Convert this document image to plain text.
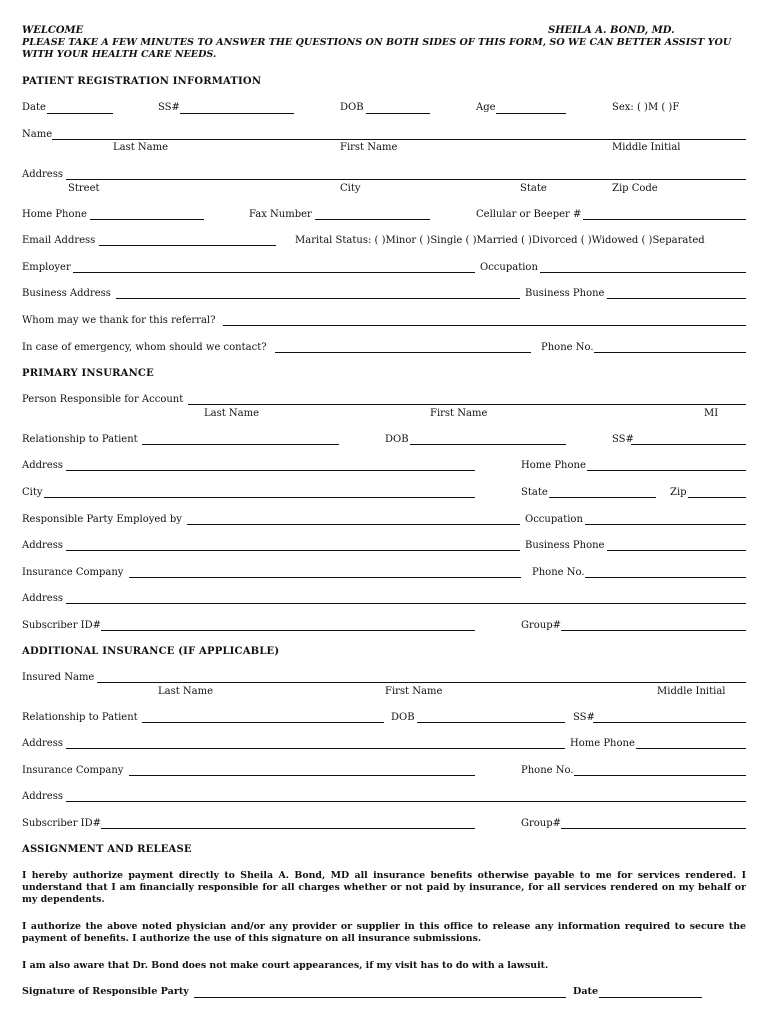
WELCOME	SHEILA A. BOND, MD.
PLEASE TAKE A FEW MINUTES TO ANSWER THE QUESTIONS ON BOTH SIDES OF THIS FORM, SO WE CAN BETTER ASSIST YOU
WITH YOUR HEALTH CARE NEEDS.
PATIENT REGISTRATION INFORMATION
Date	SS#	DOB	Age	Sex: ( )M ( )F
Name
Last Name	First Name	Middle Initial
Address
Street	City	State	Zip Code
Home Phone	Fax Number	Cellular or Beeper #
Email Address	Marital Status: ( )Minor ( )Single ( )Married ( )Divorced ( )Widowed ( )Separated
Employer	Occupation
Business Address	Business Phone
Whom may we thank for this referral?
In case of emergency, whom should we contact?	Phone No.
PRIMARY INSURANCE
Person Responsible for Account
Last Name	First Name	MI
Relationship to Patient	DOB	SS#
Address	Home Phone
City	State	Zip
Responsible Party Employed by	Occupation
Address	Business Phone
Insurance Company	Phone No.
Address
Subscriber ID#	Group#
ADDITIONAL INSURANCE (IF APPLICABLE)
Insured Name
Last Name	First Name	Middle Initial
Relationship to Patient	DOB	SS#
Address	Home Phone
Insurance Company	Phone No.
Address
Subscriber ID#	Group#
ASSIGNMENT AND RELEASE
I hereby authorize payment directly to Sheila A. Bond, MD all insurance benefits otherwise payable to me for services rendered. I understand that I am financially responsible for all charges whether or not paid by insurance, for all services rendered on my behalf or my dependents.
I authorize the above noted physician and/or any provider or supplier in this office to release any information required to secure the payment of benefits. I authorize the use of this signature on all insurance submissions.
I am also aware that Dr. Bond does not make court appearances, if my visit has to do with a lawsuit.
Signature of Responsible Party	Date
